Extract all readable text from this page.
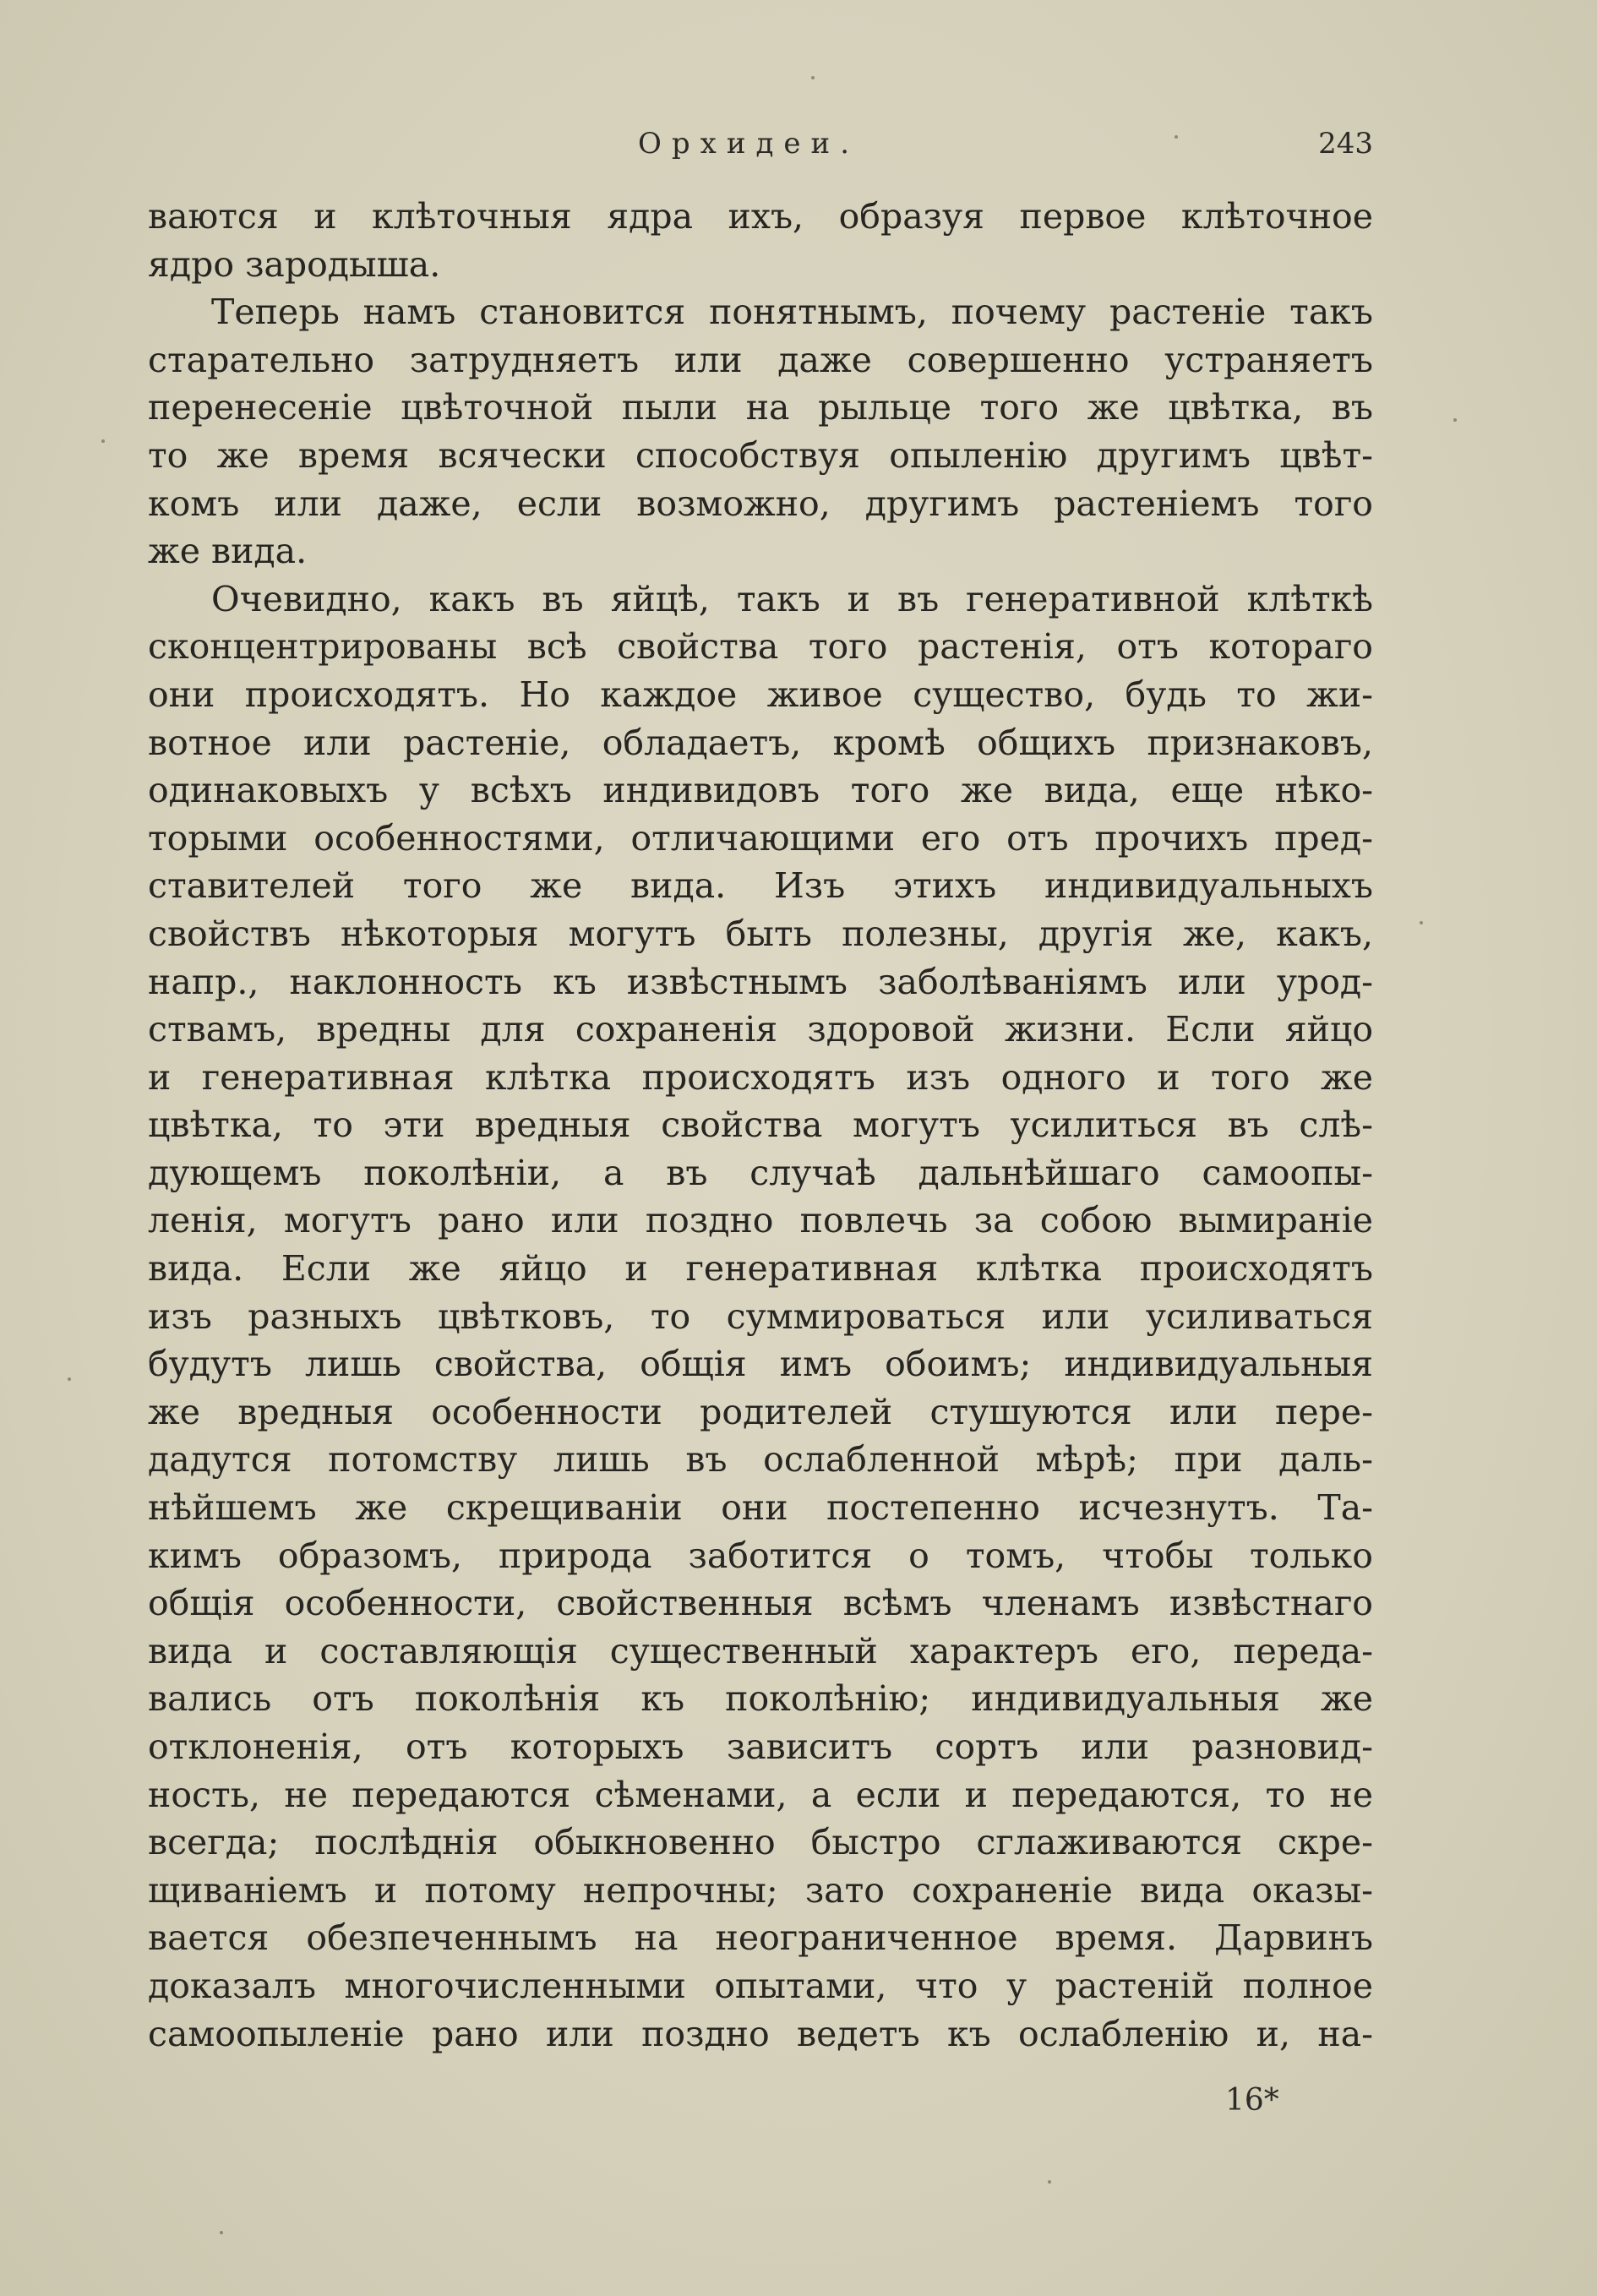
Орхидеи.	243
ваются и клѣточныя ядра ихъ, образуя первое клѣточное
ядро зародыша.
Теперь намъ становится понятнымъ, почему растеніе такъ
старательно затрудняетъ или даже совершенно устраняетъ
перенесеніе цвѣточной пыли на рыльце того же цвѣтка, въ
то же время всячески способствуя опыленію другимъ цвѣт-
комъ или даже, если возможно, другимъ растеніемъ того
же вида.
Очевидно, какъ въ яйцѣ, такъ и въ генеративной клѣткѣ
сконцентрированы всѣ свойства того растенія, отъ котораго
они происходятъ. Но каждое живое существо, будь то жи-
вотное или растеніе, обладаетъ, кромѣ общихъ признаковъ,
одинаковыхъ у всѣхъ индивидовъ того же вида, еще нѣко-
торыми особенностями, отличающими его отъ прочихъ пред-
ставителей того же вида. Изъ этихъ индивидуальныхъ
свойствъ нѣкоторыя могутъ быть полезны, другія же, какъ,
напр., наклонность къ извѣстнымъ заболѣваніямъ или урод-
ствамъ, вредны для сохраненія здоровой жизни. Если яйцо
и генеративная клѣтка происходятъ изъ одного и того же
цвѣтка, то эти вредныя свойства могутъ усилиться въ слѣ-
дующемъ поколѣніи, а въ случаѣ дальнѣйшаго самоопы-
ленія, могутъ рано или поздно повлечь за собою вымираніе
вида. Если же яйцо и генеративная клѣтка происходятъ
изъ разныхъ цвѣтковъ, то суммироваться или усиливаться
будутъ лишь свойства, общія имъ обоимъ; индивидуальныя
же вредныя особенности родителей стушуются или пере-
дадутся потомству лишь въ ослабленной мѣрѣ; при даль-
нѣйшемъ же скрещиваніи они постепенно исчезнутъ. Та-
кимъ образомъ, природа заботится о томъ, чтобы только
общія особенности, свойственныя всѣмъ членамъ извѣстнаго
вида и составляющія существенный характеръ его, переда-
вались отъ поколѣнія къ поколѣнію; индивидуальныя же
отклоненія, отъ которыхъ зависитъ сортъ или разновид-
ность, не передаются сѣменами, а если и передаются, то не
всегда; послѣднія обыкновенно быстро сглаживаются скре-
щиваніемъ и потому непрочны; зато сохраненіе вида оказы-
вается обезпеченнымъ на неограниченное время. Дарвинъ
доказалъ многочисленными опытами, что у растеній полное
самоопыленіе рано или поздно ведетъ къ ослабленію и, на-
16*
